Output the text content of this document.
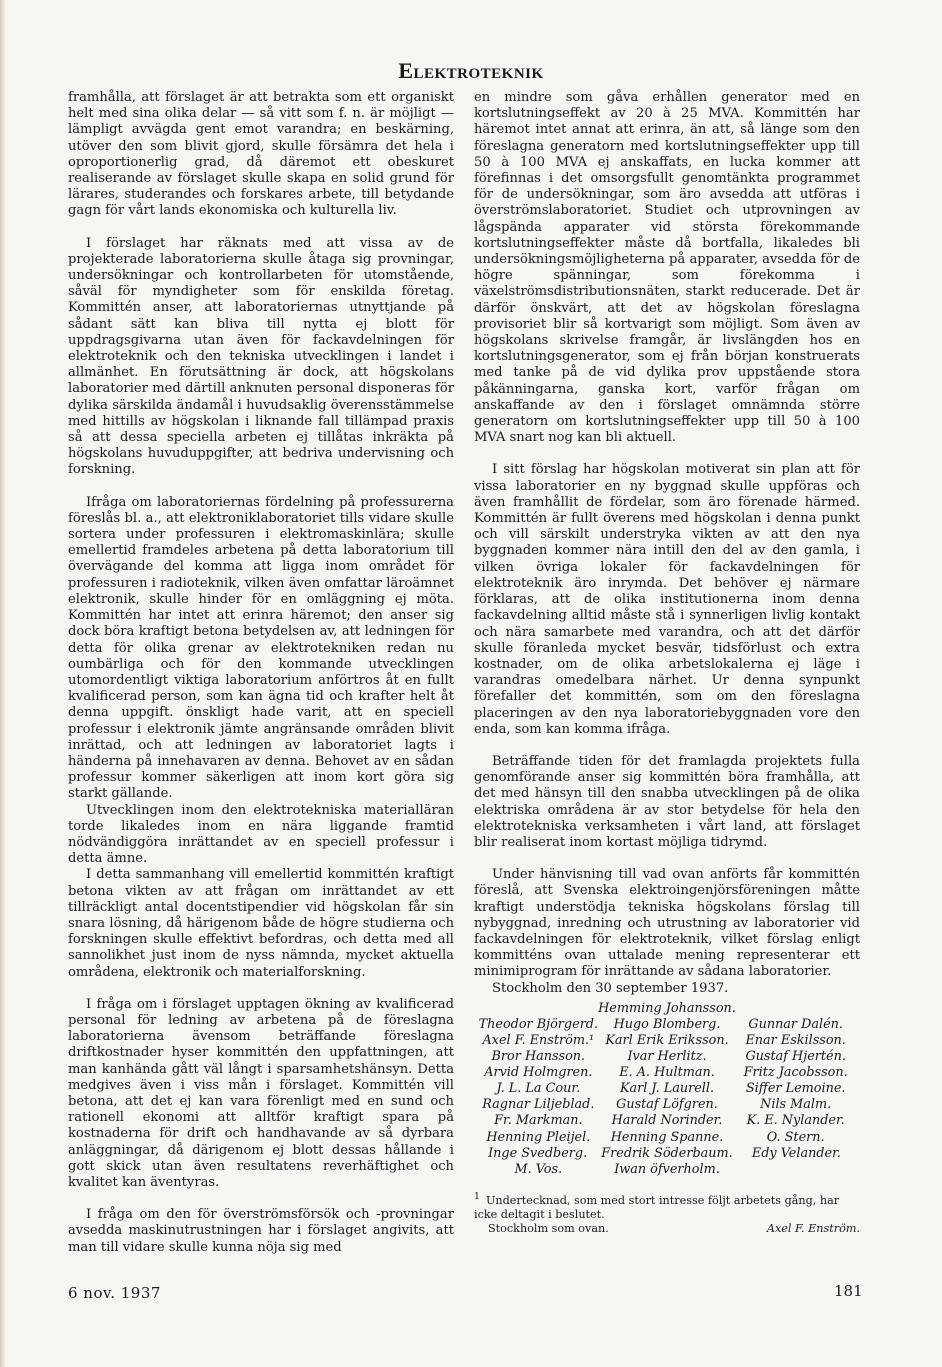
Elektroteknik

framhålla, att förslaget är att betrakta som ett organiskt helt med sina olika delar — så vitt som f. n. är möjligt — lämpligt avvägda gent emot varandra; en beskärning, utöver den som blivit gjord, skulle försämra det hela i oproportionerlig grad, då däremot ett obeskuret realiserande av förslaget skulle skapa en solid grund för lärares, studerandes och forskares arbete, till betydande gagn för vårt lands ekonomiska och kulturella liv.

I förslaget har räknats med att vissa av de projekterade laboratorierna skulle åtaga sig provningar, undersökningar och kontrollarbeten för utomstående, såväl för myndigheter som för enskilda företag. Kommittén anser, att laboratoriernas utnyttjande på sådant sätt kan bliva till nytta ej blott för uppdragsgivarna utan även för fackavdelningen för elektroteknik och den tekniska utvecklingen i landet i allmänhet. En förutsättning är dock, att högskolans laboratorier med därtill anknuten personal disponeras för dylika särskilda ändamål i huvudsaklig överensstämmelse med hittills av högskolan i liknande fall tillämpad praxis så att dessa speciella arbeten ej tillåtas inkräkta på högskolans huvuduppgifter, att bedriva undervisning och forskning.

Ifråga om laboratoriernas fördelning på professurerna föreslås bl. a., att elektroniklaboratoriet tills vidare skulle sortera under professuren i elektromaskinlära; skulle emellertid framdeles arbetena på detta laboratorium till övervägande del komma att ligga inom området för professuren i radioteknik, vilken även omfattar läroämnet elektronik, skulle hinder för en omläggning ej möta. Kommittén har intet att erinra häremot; den anser sig dock böra kraftigt betona betydelsen av, att ledningen för detta för olika grenar av elektrotekniken redan nu oumbärliga och för den kommande utvecklingen utomordentligt viktiga laboratorium anförtros åt en fullt kvalificerad person, som kan ägna tid och krafter helt åt denna uppgift. önskligt hade varit, att en speciell professur i elektronik jämte angränsande områden blivit inrättad, och att ledningen av laboratoriet lagts i händerna på innehavaren av denna. Behovet av en sådan professur kommer säkerligen att inom kort göra sig starkt gällande.

Utvecklingen inom den elektrotekniska materialläran torde likaledes inom en nära liggande framtid nödvändiggöra inrättandet av en speciell professur i detta ämne.

I detta sammanhang vill emellertid kommittén kraftigt betona vikten av att frågan om inrättandet av ett tillräckligt antal docentstipendier vid högskolan får sin snara lösning, då härigenom både de högre studierna och forskningen skulle effektivt befordras, och detta med all sannolikhet just inom de nyss nämnda, mycket aktuella områdena, elektronik och materialforskning.

I fråga om i förslaget upptagen ökning av kvalificerad personal för ledning av arbetena på de föreslagna laboratorierna ävensom beträffande föreslagna driftkostnader hyser kommittén den uppfattningen, att man kanhända gått väl långt i sparsamhetshänsyn. Detta medgives även i viss mån i förslaget. Kommittén vill betona, att det ej kan vara förenligt med en sund och rationell ekonomi att alltför kraftigt spara på kostnaderna för drift och handhavande av så dyrbara anläggningar, då därigenom ej blott dessas hållande i gott skick utan även resultatens reverhäftighet och kvalitet kan äventyras.

I fråga om den för överströmsförsök och -provningar avsedda maskinutrustningen har i förslaget angivits, att man till vidare skulle kunna nöja sig med

en mindre som gåva erhållen generator med en kortslutningseffekt av 20 à 25 MVA. Kommittén har häremot intet annat att erinra, än att, så länge som den föreslagna generatorn med kortslutningseffekter upp till 50 à 100 MVA ej anskaffats, en lucka kommer att förefinnas i det omsorgsfullt genomtänkta programmet för de undersökningar, som äro avsedda att utföras i överströmslaboratoriet. Studiet och utprovningen av lågspända apparater vid största förekommande kortslutningseffekter måste då bortfalla, likaledes bli undersökningsmöjligheterna på apparater, avsedda för de högre spänningar, som förekomma i växelströmsdistributionsnäten, starkt reducerade. Det är därför önskvärt, att det av högskolan föreslagna provisoriet blir så kortvarigt som möjligt. Som även av högskolans skrivelse framgår, är livslängden hos en kortslutningsgenerator, som ej från början konstruerats med tanke på de vid dylika prov uppstående stora påkänningarna, ganska kort, varför frågan om anskaffande av den i förslaget omnämnda större generatorn om kortslutningseffekter upp till 50 à 100 MVA snart nog kan bli aktuell.

I sitt förslag har högskolan motiverat sin plan att för vissa laboratorier en ny byggnad skulle uppföras och även framhållit de fördelar, som äro förenade härmed. Kommittén är fullt överens med högskolan i denna punkt och vill särskilt understryka vikten av att den nya byggnaden kommer nära intill den del av den gamla, i vilken övriga lokaler för fackavdelningen för elektroteknik äro inrymda. Det behöver ej närmare förklaras, att de olika institutionerna inom denna fackavdelning alltid måste stå i synnerligen livlig kontakt och nära samarbete med varandra, och att det därför skulle föranleda mycket besvär, tidsförlust och extra kostnader, om de olika arbetslokalerna ej läge i varandras omedelbara närhet. Ur denna synpunkt förefaller det kommittén, som om den föreslagna placeringen av den nya laboratoriebyggnaden vore den enda, som kan komma ifråga.

Beträffande tiden för det framlagda projektets fulla genomförande anser sig kommittén böra framhålla, att det med hänsyn till den snabba utvecklingen på de olika elektriska områdena är av stor betydelse för hela den elektrotekniska verksamheten i vårt land, att förslaget blir realiserat inom kortast möjliga tidrymd.

Under hänvisning till vad ovan anförts får kommittén föreslå, att Svenska elektroingenjörsföreningen måtte kraftigt understödja tekniska högskolans förslag till nybyggnad, inredning och utrustning av laboratorier vid fackavdelningen för elektroteknik, vilket förslag enligt kommitténs ovan uttalade mening representerar ett minimiprogram för inrättande av sådana laboratorier.

Stockholm den 30 september 1937.

Hemming Johansson.
Theodor Björgerd.	Hugo Blomberg.	Gunnar Dalén.
Axel F. Enström.¹ Karl Erik Eriksson.	Enar Eskilsson.
Bror Hansson.	Ivar Herlitz.	Gustaf Hjertén.
Arvid Holmgren.	E. A. Hultman.	Fritz Jacobsson.
J. L. La Cour.	Karl J. Laurell.	Siffer Lemoine.
Ragnar Liljeblad.	Gustaf Löfgren.	Nils Malm.
Fr. Markman.	Harald Norinder.	K. E. Nylander.
Henning Pleijel.	Henning Spanne.	O. Stern.
Inge Svedberg.	Fredrik Söderbaum.	Edy Velander.
M. Vos.	Iwan öfverholm.
$^1$ Undertecknad, som med stort intresse följt arbetets gång, har icke deltagit i beslutet.
Stockholm som ovan.	Axel F. Enström.
6 nov. 1937	181
